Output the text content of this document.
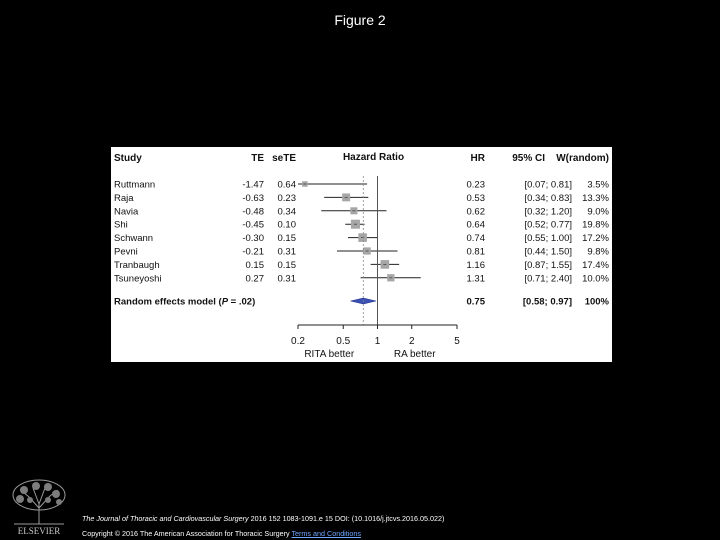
Figure 2
Study	TE seTE	Hazard Ratio	HR	95% CI W(random)
Ruttmann	-1.47 0.64	0.23	[0.07; 0.81] 3.5%
Raja	-0.63 0.23	0.53	[0.34; 0.83] 13.3%
Navia	-0.48 0.34	0.62	[0.32; 1.20] 9.0%
Shi	-0.45 0.10	0.64	[0.52; 0.77] 19.8%
Schwann	-0.30 0.15	0.74	[0.55; 1.00] 17.2%
Pevni	-0.21 0.31	0.81	[0.44; 1.50] 9.8%
Tranbaugh	0.15 0.15	1.16	[0.87; 1.55] 17.4%
Tsuneyoshi	0.27 0.31	1.31	[0.71; 2.40] 10.0%
Random effects model (P = .02)	0.75	[0.58; 0.97] 100%
0.2	0.5 1	2	5
RITA better	RA better
ELSEVIER
The Journal of Thoracic and Cardiovascular Surgery 2016 152 1083-1091.e 15 DOI: (10.1016/j.jtcvs.2016.05.022)
Copyright © 2016 The American Association for Thoracic Surgery Terms and Conditions
